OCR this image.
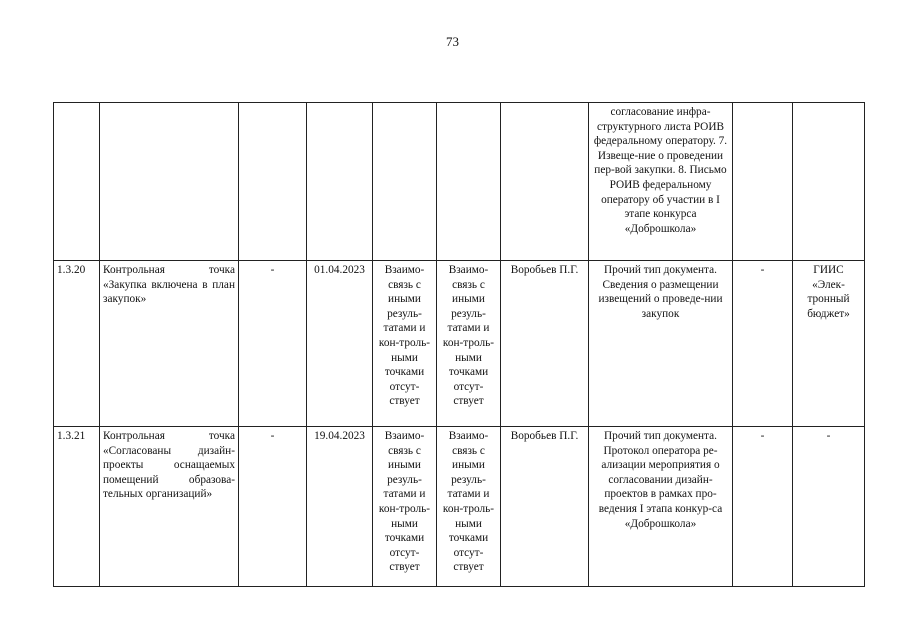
73
							согласование инфра-структурного листа РОИВ федеральному оператору. 7. Извеще-ние о проведении пер-вой закупки. 8. Письмо РОИВ федеральному оператору об участии в I этапе конкурса «Доброшкола»		
1.3.20	Контрольная точка «Закупка включена в план закупок»	-	01.04.2023	Взаимо-связь с иными резуль-татами и кон-троль-ными точками отсут-ствует	Взаимо-связь с иными резуль-татами и кон-троль-ными точками отсут-ствует	Воробьев П.Г.	Прочий тип документа. Сведения о размещении извещений о проведе-нии закупок	-	ГИИС «Элек-тронный бюджет»
1.3.21	Контрольная точка «Согласованы дизайн-проекты оснащаемых помещений образова-тельных организаций»	-	19.04.2023	Взаимо-связь с иными резуль-татами и кон-троль-ными точками отсут-ствует	Взаимо-связь с иными резуль-татами и кон-троль-ными точками отсут-ствует	Воробьев П.Г.	Прочий тип документа. Протокол оператора ре-ализации мероприятия о согласовании дизайн-проектов в рамках про-ведения I этапа конкур-са «Доброшкола»	-	-
